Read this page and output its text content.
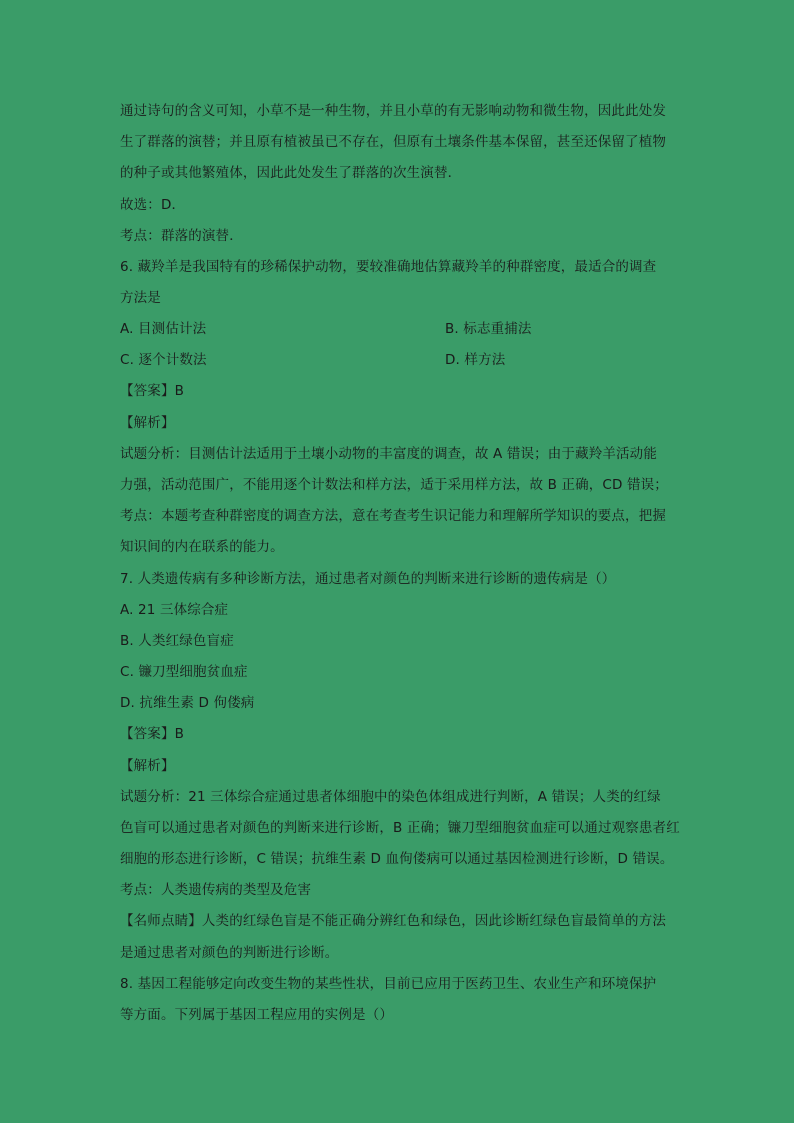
通过诗句的含义可知，小草不是一种生物，并且小草的有无影响动物和微生物，因此此处发
生了群落的演替；并且原有植被虽已不存在，但原有土壤条件基本保留，甚至还保留了植物
的种子或其他繁殖体，因此此处发生了群落的次生演替．
故选：D．
考点：群落的演替．
6. 藏羚羊是我国特有的珍稀保护动物，要较准确地估算藏羚羊的种群密度，最适合的调查
方法是
A. 目测估计法	B. 标志重捕法
C. 逐个计数法	D. 样方法
【答案】B
【解析】
试题分析：目测估计法适用于土壤小动物的丰富度的调查，故 A 错误；由于藏羚羊活动能
力强，活动范围广，不能用逐个计数法和样方法，适于采用样方法，故 B 正确，CD 错误；
考点：本题考查种群密度的调查方法，意在考查考生识记能力和理解所学知识的要点，把握
知识间的内在联系的能力。
7. 人类遗传病有多种诊断方法，通过患者对颜色的判断来进行诊断的遗传病是（）
A. 21 三体综合症
B. 人类红绿色盲症
C. 镰刀型细胞贫血症
D. 抗维生素 D 佝偻病
【答案】B
【解析】
试题分析：21 三体综合症通过患者体细胞中的染色体组成进行判断，A 错误；人类的红绿
色盲可以通过患者对颜色的判断来进行诊断，B 正确；镰刀型细胞贫血症可以通过观察患者红
细胞的形态进行诊断，C 错误；抗维生素 D 血佝偻病可以通过基因检测进行诊断，D 错误。
考点：人类遗传病的类型及危害
【名师点睛】人类的红绿色盲是不能正确分辨红色和绿色，因此诊断红绿色盲最简单的方法
是通过患者对颜色的判断进行诊断。
8. 基因工程能够定向改变生物的某些性状，目前已应用于医药卫生、农业生产和环境保护
等方面。下列属于基因工程应用的实例是（）
